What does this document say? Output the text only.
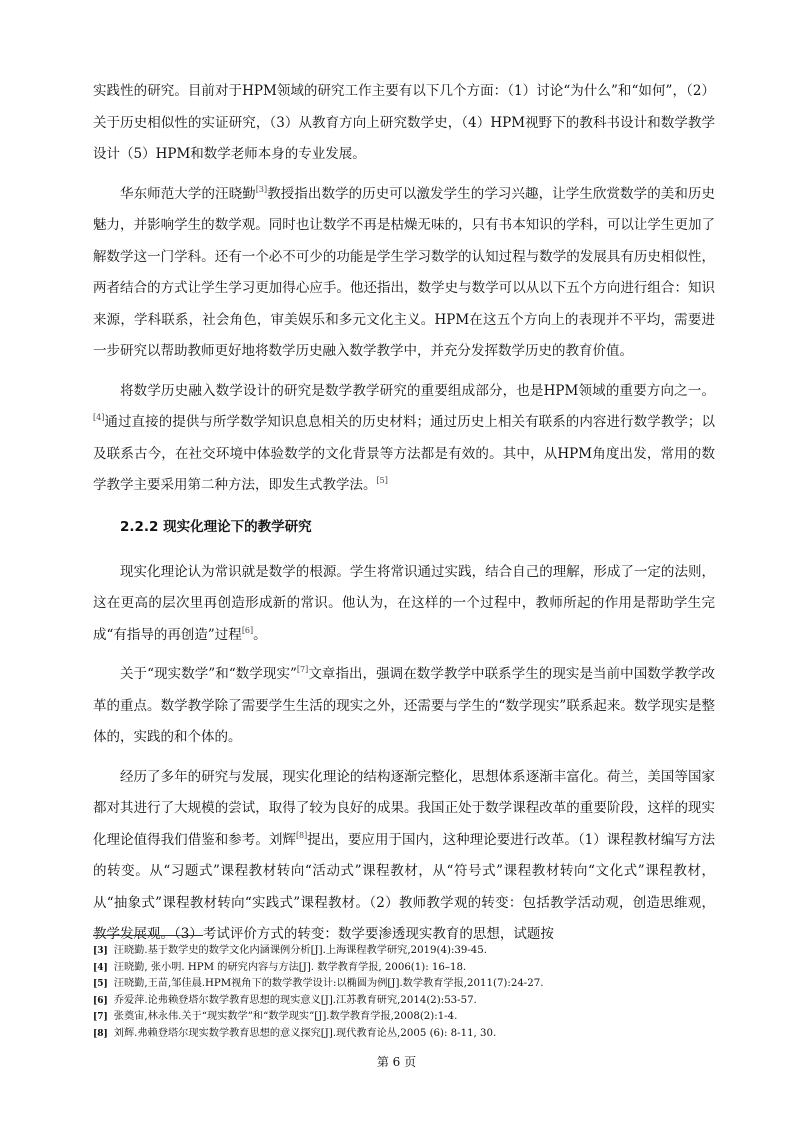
实践性的研究。目前对于HPM领域的研究工作主要有以下几个方面：（1）讨论“为什么”和“如何”，（2）关于历史相似性的实证研究，（3）从教育方向上研究数学史，（4）HPM视野下的教科书设计和数学教学设计（5）HPM和数学老师本身的专业发展。

华东师范大学的汪晓勤[3]教授指出数学的历史可以激发学生的学习兴趣，让学生欣赏数学的美和历史魅力，并影响学生的数学观。同时也让数学不再是枯燥无味的，只有书本知识的学科，可以让学生更加了解数学这一门学科。还有一个必不可少的功能是学生学习数学的认知过程与数学的发展具有历史相似性，两者结合的方式让学生学习更加得心应手。他还指出，数学史与数学可以从以下五个方向进行组合：知识来源，学科联系，社会角色，审美娱乐和多元文化主义。HPM在这五个方向上的表现并不平均，需要进一步研究以帮助教师更好地将数学历史融入数学教学中，并充分发挥数学历史的教育价值。

将数学历史融入数学设计的研究是数学教学研究的重要组成部分，也是HPM领域的重要方向之一。[4]通过直接的提供与所学数学知识息息相关的历史材料；通过历史上相关有联系的内容进行数学教学；以及联系古今，在社交环境中体验数学的文化背景等方法都是有效的。其中，从HPM角度出发，常用的数学教学主要采用第二种方法，即发生式教学法。[5]

2.2.2 现实化理论下的教学研究

现实化理论认为常识就是数学的根源。学生将常识通过实践，结合自己的理解，形成了一定的法则，这在更高的层次里再创造形成新的常识。他认为，在这样的一个过程中，教师所起的作用是帮助学生完成“有指导的再创造”过程[6]。

关于“现实数学”和“数学现实”[7]文章指出，强调在数学教学中联系学生的现实是当前中国数学教学改革的重点。数学教学除了需要学生生活的现实之外，还需要与学生的“数学现实”联系起来。数学现实是整体的，实践的和个体的。

经历了多年的研究与发展，现实化理论的结构逐渐完整化，思想体系逐渐丰富化。荷兰，美国等国家都对其进行了大规模的尝试，取得了较为良好的成果。我国正处于数学课程改革的重要阶段，这样的现实化理论值得我们借鉴和参考。刘辉[8]提出，要应用于国内，这种理论要进行改革。（1）课程教材编写方法的转变。从“习题式”课程教材转向“活动式”课程教材，从“符号式”课程教材转向“文化式”课程教材，从“抽象式”课程教材转向“实践式”课程教材。（2）教师教学观的转变：包括教学活动观，创造思维观，教学发展观。（3）考试评价方式的转变：数学要渗透现实教育的思想，试题按

[3] 汪晓勤.基于数学史的数学文化内涵课例分析[J].上海课程教学研究,2019(4):39-45.
[4] 汪晓勤, 张小明. HPM 的研究内容与方法[J]. 数学教育学报, 2006(1): 16–18.
[5] 汪晓勤,王苗,邹佳晨.HPM视角下的数学教学设计:以椭圆为例[J].数学教育学报,2011(7):24-27.
[6] 乔爱萍.论弗赖登塔尔数学教育思想的现实意义[J].江苏教育研究,2014(2):53-57.
[7] 张奠宙,林永伟.关于“现实数学”和“数学现实”[J].数学教育学报,2008(2):1-4.
[8] 刘辉.弗赖登塔尔现实数学教育思想的意义探究[J].现代教育论丛,2005 (6): 8-11, 30.
第 6 页
